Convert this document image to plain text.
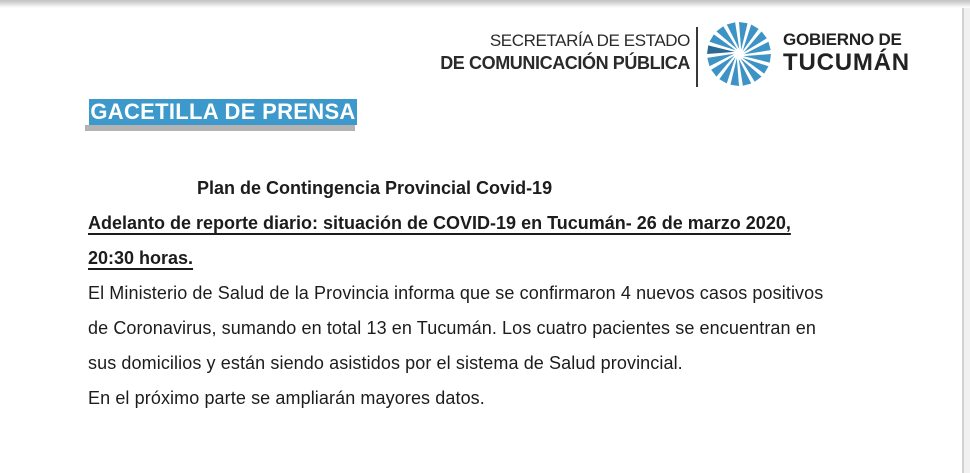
SECRETARÍA DE ESTADO
DE COMUNICACIÓN PÚBLICA
GOBIERNO DE
TUCUMÁN
GACETILLA DE PRENSA
Plan de Contingencia Provincial Covid-19
Adelanto de reporte diario: situación de COVID-19 en Tucumán- 26 de marzo 2020,
20:30 horas.
El Ministerio de Salud de la Provincia informa que se confirmaron 4 nuevos casos positivos
de Coronavirus, sumando en total 13 en Tucumán. Los cuatro pacientes se encuentran en
sus domicilios y están siendo asistidos por el sistema de Salud provincial.
En el próximo parte se ampliarán mayores datos.
